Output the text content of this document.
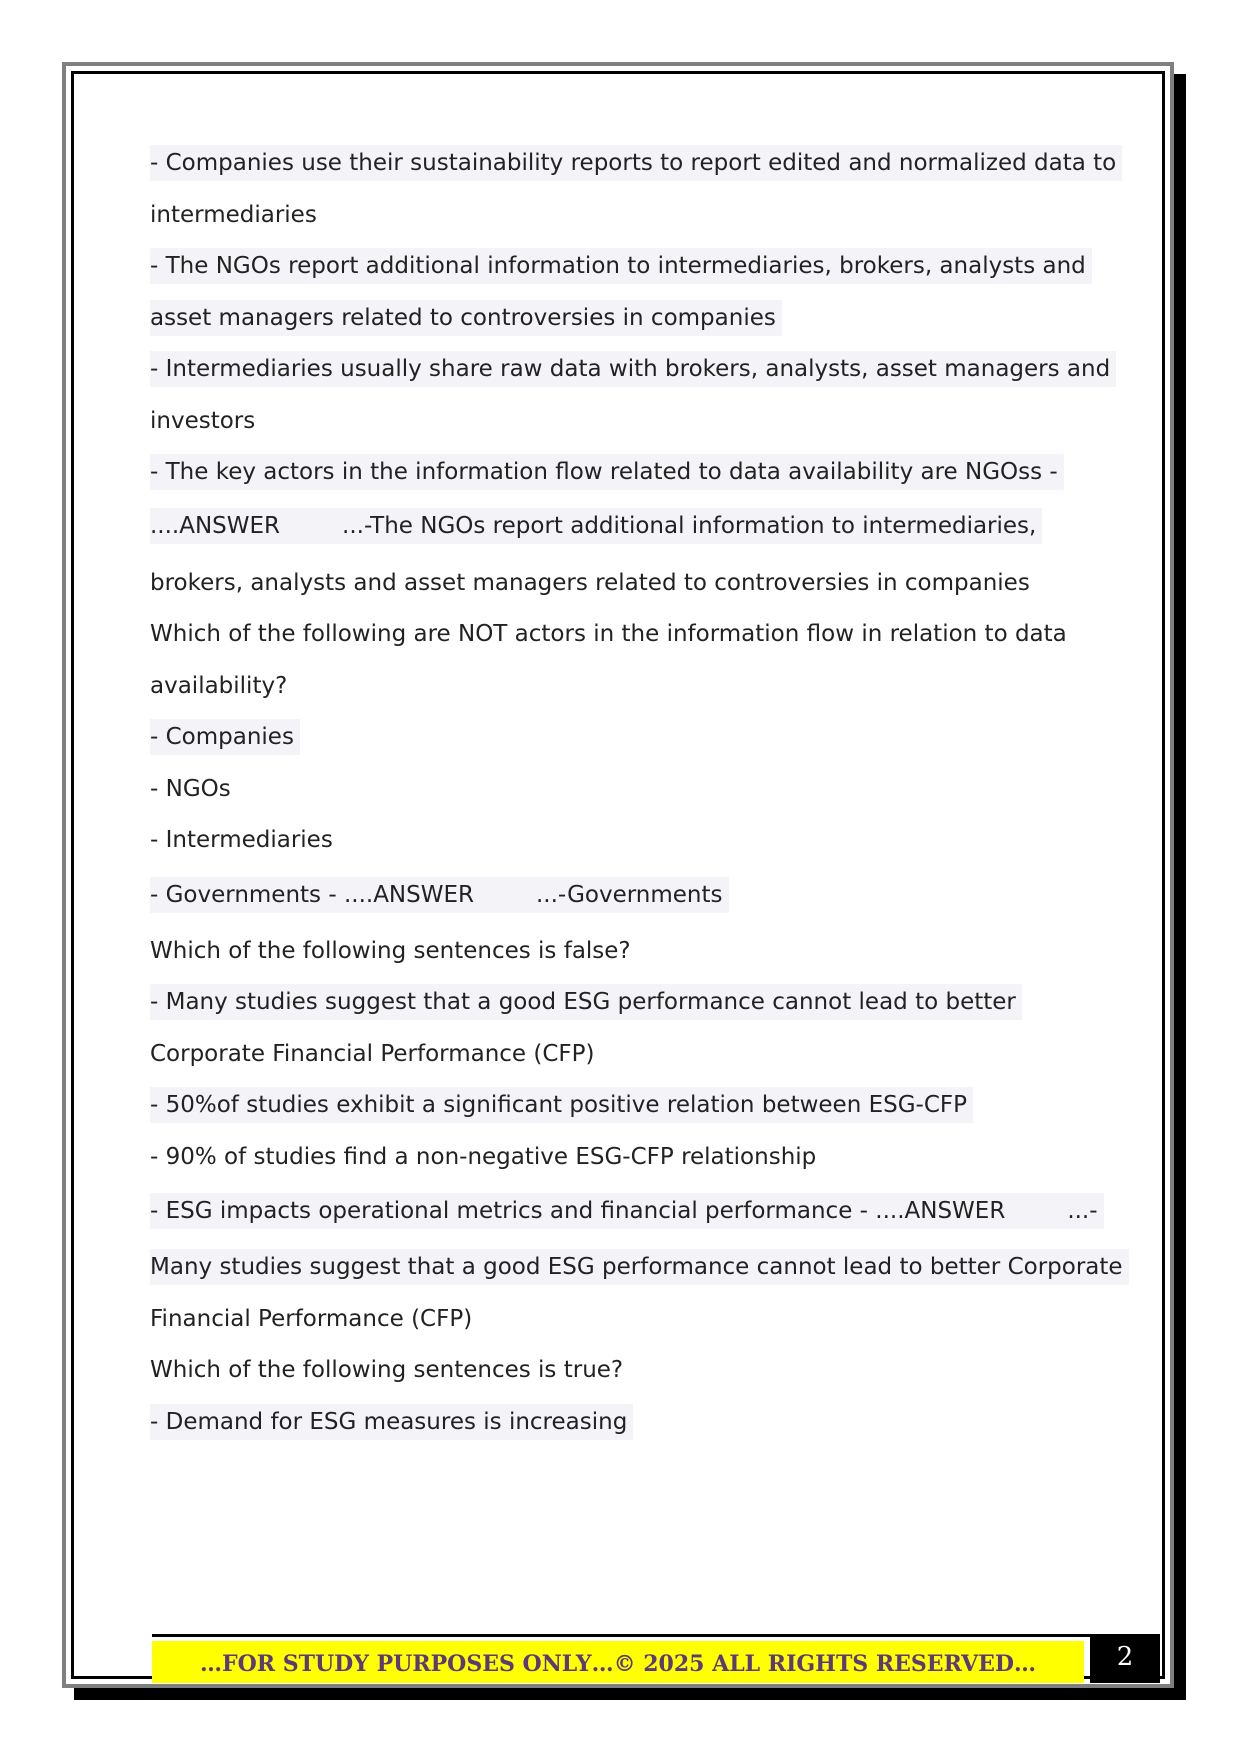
- Companies use their sustainability reports to report edited and normalized data to
intermediaries
- The NGOs report additional information to intermediaries, brokers, analysts and
asset managers related to controversies in companies
- Intermediaries usually share raw data with brokers, analysts, asset managers and
investors
- The key actors in the information flow related to data availability are NGOss -
....ANSWER	...-The NGOs report additional information to intermediaries,
brokers, analysts and asset managers related to controversies in companies
Which of the following are NOT actors in the information flow in relation to data
availability?
- Companies
- NGOs
- Intermediaries
- Governments - ....ANSWER	...-Governments
Which of the following sentences is false?
- Many studies suggest that a good ESG performance cannot lead to better
Corporate Financial Performance (CFP)
- 50%of studies exhibit a significant positive relation between ESG-CFP
- 90% of studies find a non-negative ESG-CFP relationship
- ESG impacts operational metrics and financial performance - ....ANSWER	...-
Many studies suggest that a good ESG performance cannot lead to better Corporate
Financial Performance (CFP)
Which of the following sentences is true?
- Demand for ESG measures is increasing
…FOR STUDY PURPOSES ONLY…© 2025 ALL RIGHTS RESERVED…	2
